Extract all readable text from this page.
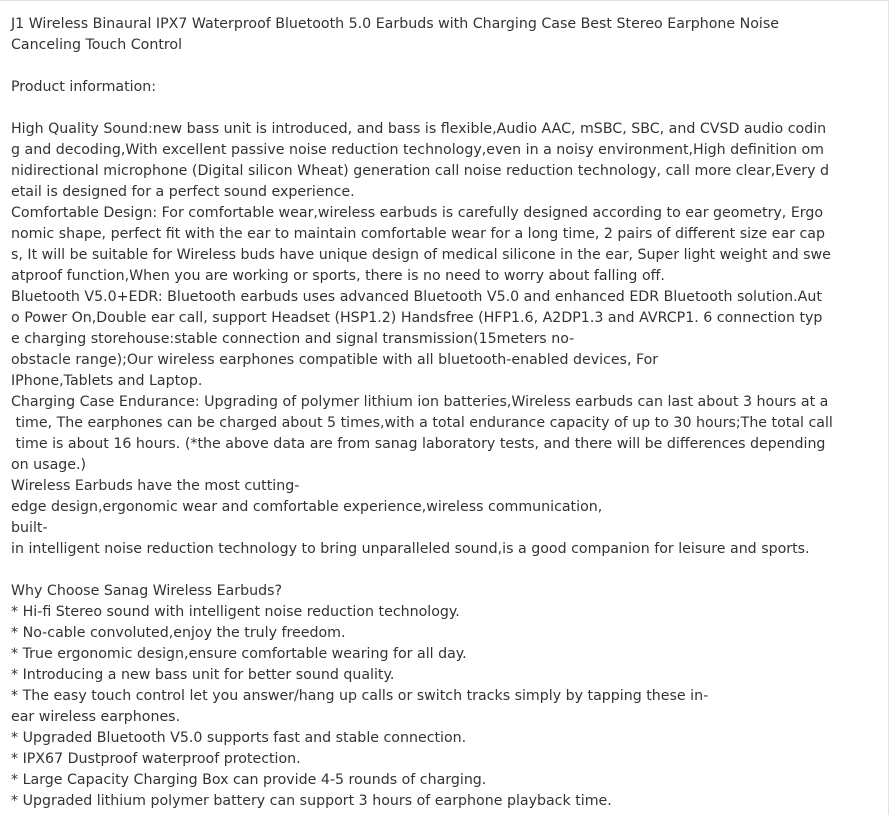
J1 Wireless Binaural IPX7 Waterproof Bluetooth 5.0 Earbuds with Charging Case Best Stereo Earphone Noise
Canceling Touch Control
Product information:
High Quality Sound:new bass unit is introduced, and bass is flexible,Audio AAC, mSBC, SBC, and CVSD audio codin
g and decoding,With excellent passive noise reduction technology,even in a noisy environment,High definition om
nidirectional microphone (Digital silicon Wheat) generation call noise reduction technology, call more clear,Every d
etail is designed for a perfect sound experience.
Comfortable Design: For comfortable wear,wireless earbuds is carefully designed according to ear geometry, Ergo
nomic shape, perfect fit with the ear to maintain comfortable wear for a long time, 2 pairs of different size ear cap
s, It will be suitable for Wireless buds have unique design of medical silicone in the ear, Super light weight and swe
atproof function,When you are working or sports, there is no need to worry about falling off.
Bluetooth V5.0+EDR: Bluetooth earbuds uses advanced Bluetooth V5.0 and enhanced EDR Bluetooth solution.Aut
o Power On,Double ear call, support Headset (HSP1.2) Handsfree (HFP1.6, A2DP1.3 and AVRCP1. 6 connection typ
e charging storehouse:stable connection and signal transmission(15meters no-
obstacle range);Our wireless earphones compatible with all bluetooth-enabled devices, For
IPhone,Tablets and Laptop.
Charging Case Endurance: Upgrading of polymer lithium ion batteries,Wireless earbuds can last about 3 hours at a
time, The earphones can be charged about 5 times,with a total endurance capacity of up to 30 hours;The total call
time is about 16 hours. (*the above data are from sanag laboratory tests, and there will be differences depending
on usage.)
Wireless Earbuds have the most cutting-
edge design,ergonomic wear and comfortable experience,wireless communication,
built-
in intelligent noise reduction technology to bring unparalleled sound,is a good companion for leisure and sports.
Why Choose Sanag Wireless Earbuds?
* Hi-fi Stereo sound with intelligent noise reduction technology.
* No-cable convoluted,enjoy the truly freedom.
* True ergonomic design,ensure comfortable wearing for all day.
* Introducing a new bass unit for better sound quality.
* The easy touch control let you answer/hang up calls or switch tracks simply by tapping these in-
ear wireless earphones.
* Upgraded Bluetooth V5.0 supports fast and stable connection.
* IPX67 Dustproof waterproof protection.
* Large Capacity Charging Box can provide 4-5 rounds of charging.
* Upgraded lithium polymer battery can support 3 hours of earphone playback time.
